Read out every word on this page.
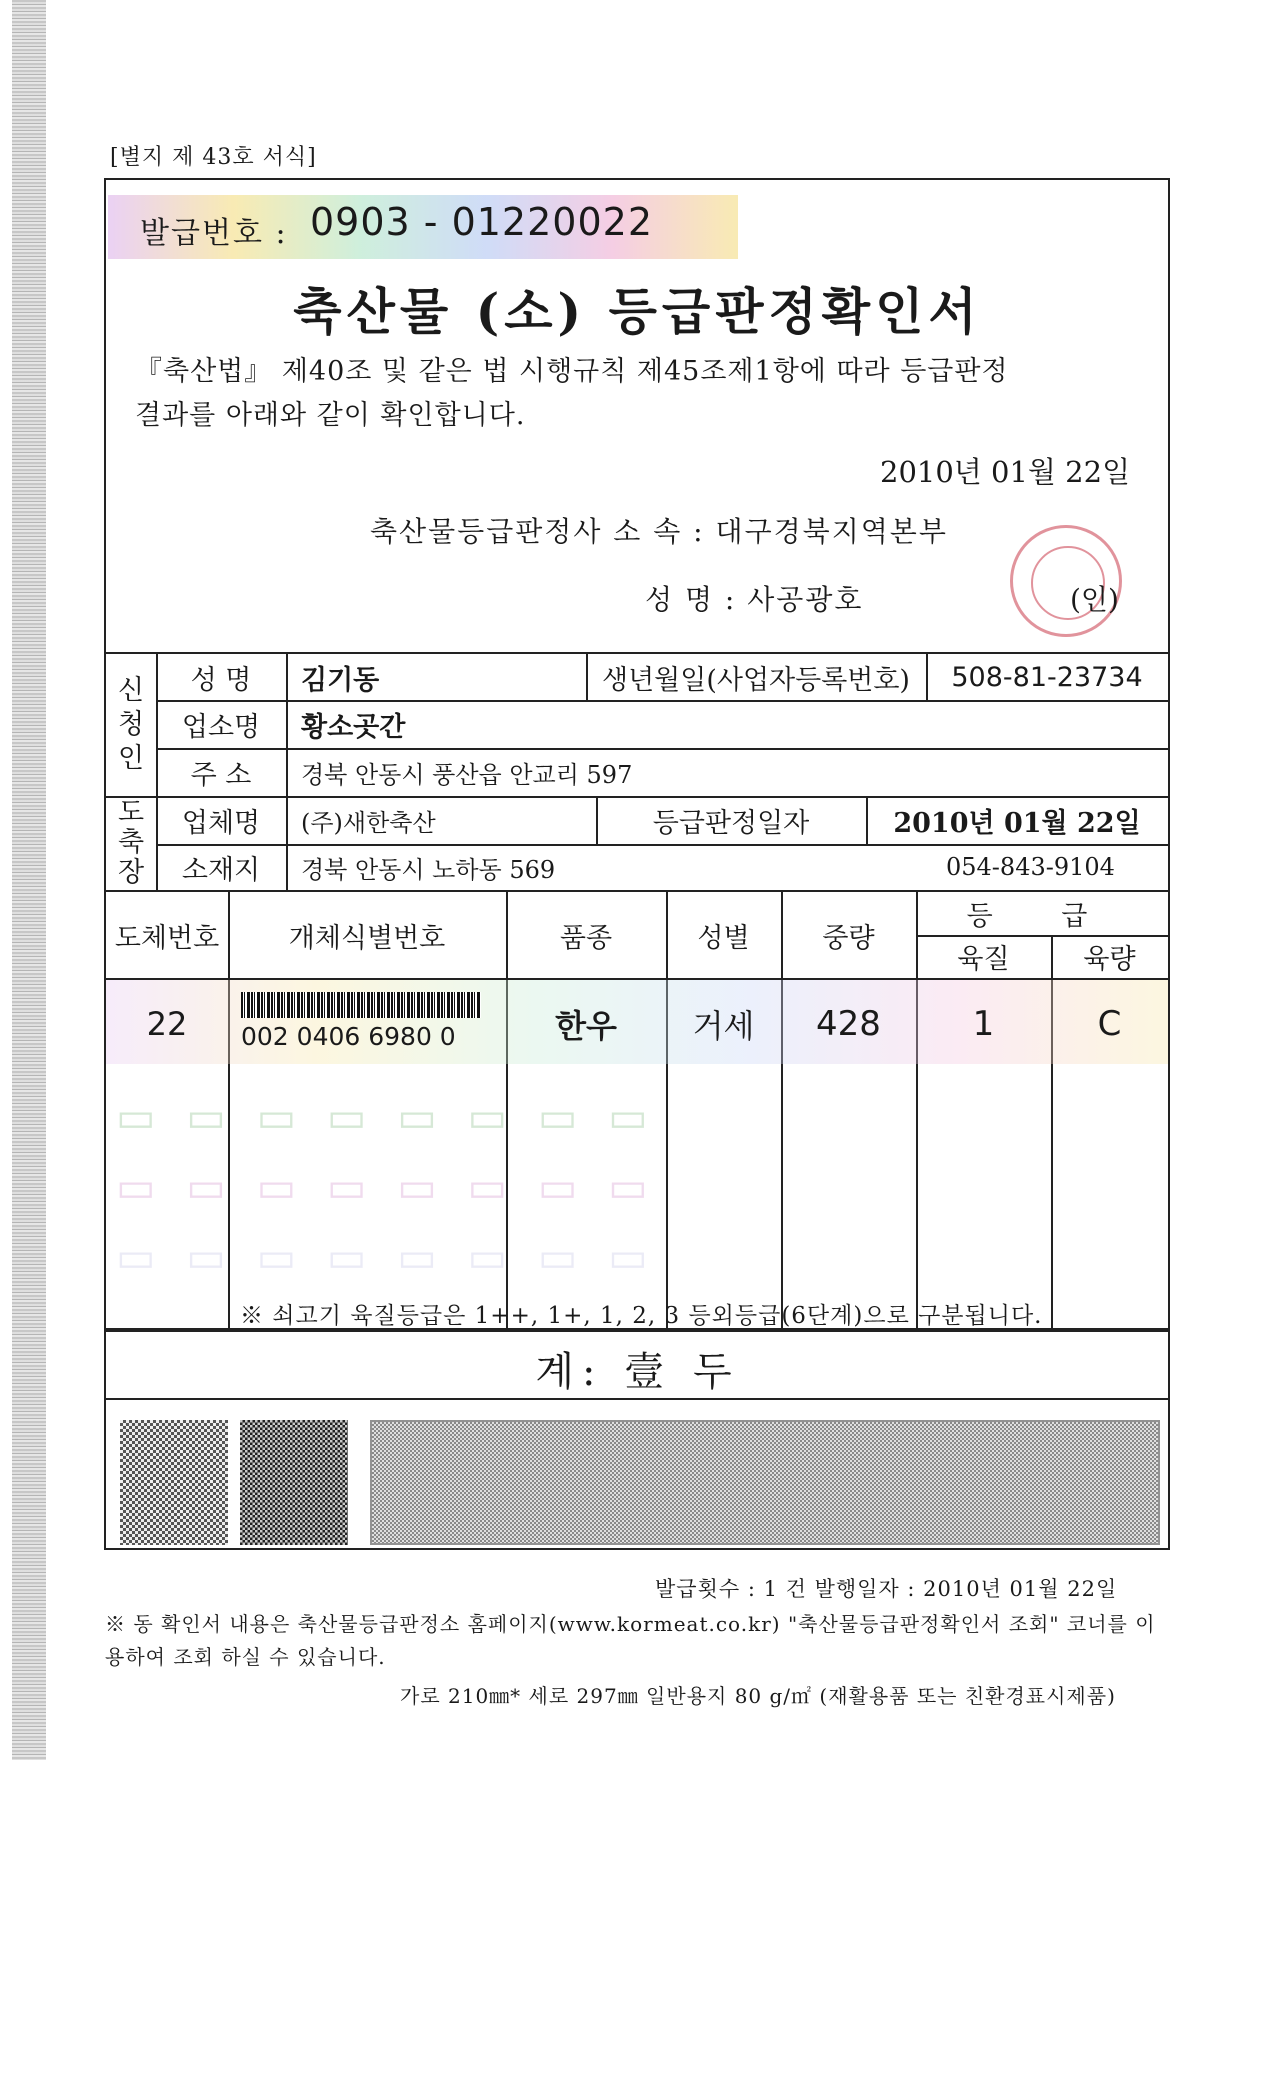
[별지 제 43호 서식]
발급번호 : 0903 - 01220022
축산물 (소) 등급판정확인서
『축산법』 제40조 및 같은 법 시행규칙 제45조제1항에 따라 등급판정
결과를 아래와 같이 확인합니다.
2010년 01월 22일
축산물등급판정사 소 속 : 대구경북지역본부
성 명 : 사공광호	(인)
신 청 인
성 명	김기동	생년월일(사업자등록번호)	508-81-23734
업소명	황소곳간
주 소	경북 안동시 풍산읍 안교리 597
도 축 장
업체명	(주)새한축산	등급판정일자	2010년 01월 22일
소재지	경북 안동시 노하동 569	054-843-9104
도체번호	개체식별번호	품종	성별	중량
등 급
육질	육량
22	002 0406 6980 0	한우	거세	428	1	C
▭ ▭ ▭ ▭ ▭ ▭ ▭ ▭
▭ ▭ ▭ ▭ ▭ ▭ ▭ ▭
▭ ▭ ▭ ▭ ▭ ▭ ▭ ▭
※ 쇠고기 육질등급은 1++, 1+, 1, 2, 3 등외등급(6단계)으로 구분됩니다.
계: 壹 두
발급횟수 : 1 건 발행일자 : 2010년 01월 22일
※ 동 확인서 내용은 축산물등급판정소 홈페이지(www.kormeat.co.kr) "축산물등급판정확인서 조회" 코너를 이용하여 조회 하실 수 있습니다.
가로 210㎜* 세로 297㎜ 일반용지 80 g/㎡ (재활용품 또는 친환경표시제품)
